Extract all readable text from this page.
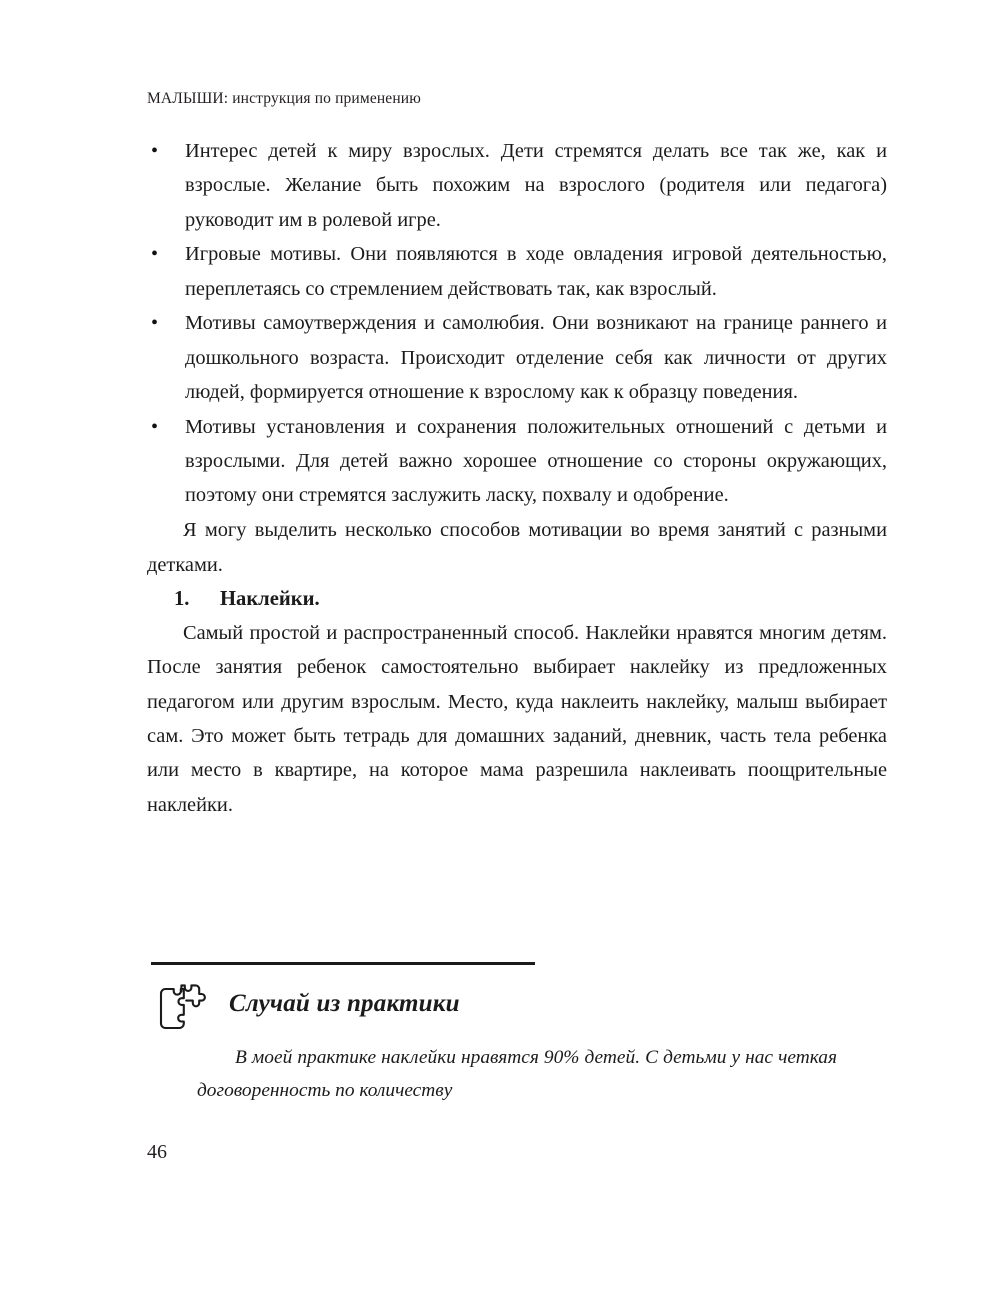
МАЛЫШИ: инструкция по применению
• Интерес детей к миру взрослых. Дети стремятся делать все так же, как и взрослые. Желание быть похожим на взрослого (родителя или педагога) руководит им в ролевой игре.
• Игровые мотивы. Они появляются в ходе овладения игровой деятельностью, переплетаясь со стремлением действовать так, как взрослый.
• Мотивы самоутверждения и самолюбия. Они возникают на границе раннего и дошкольного возраста. Происходит отделение себя как личности от других людей, формируется отношение к взрослому как к образцу поведения.
• Мотивы установления и сохранения положительных отношений с детьми и взрослыми. Для детей важно хорошее отношение со стороны окружающих, поэтому они стремятся заслужить ласку, похвалу и одобрение.

Я могу выделить несколько способов мотивации во время занятий с разными детками.

1. Наклейки.

Самый простой и распространенный способ. Наклейки нравятся многим детям. После занятия ребенок самостоятельно выбирает наклейку из предложенных педагогом или другим взрослым. Место, куда наклеить наклейку, малыш выбирает сам. Это может быть тетрадь для домашних заданий, дневник, часть тела ребенка или место в квартире, на которое мама разрешила наклеивать поощрительные наклейки.

Случай из практики

В моей практике наклейки нравятся 90% детей. С детьми у нас четкая договоренность по количеству

46
